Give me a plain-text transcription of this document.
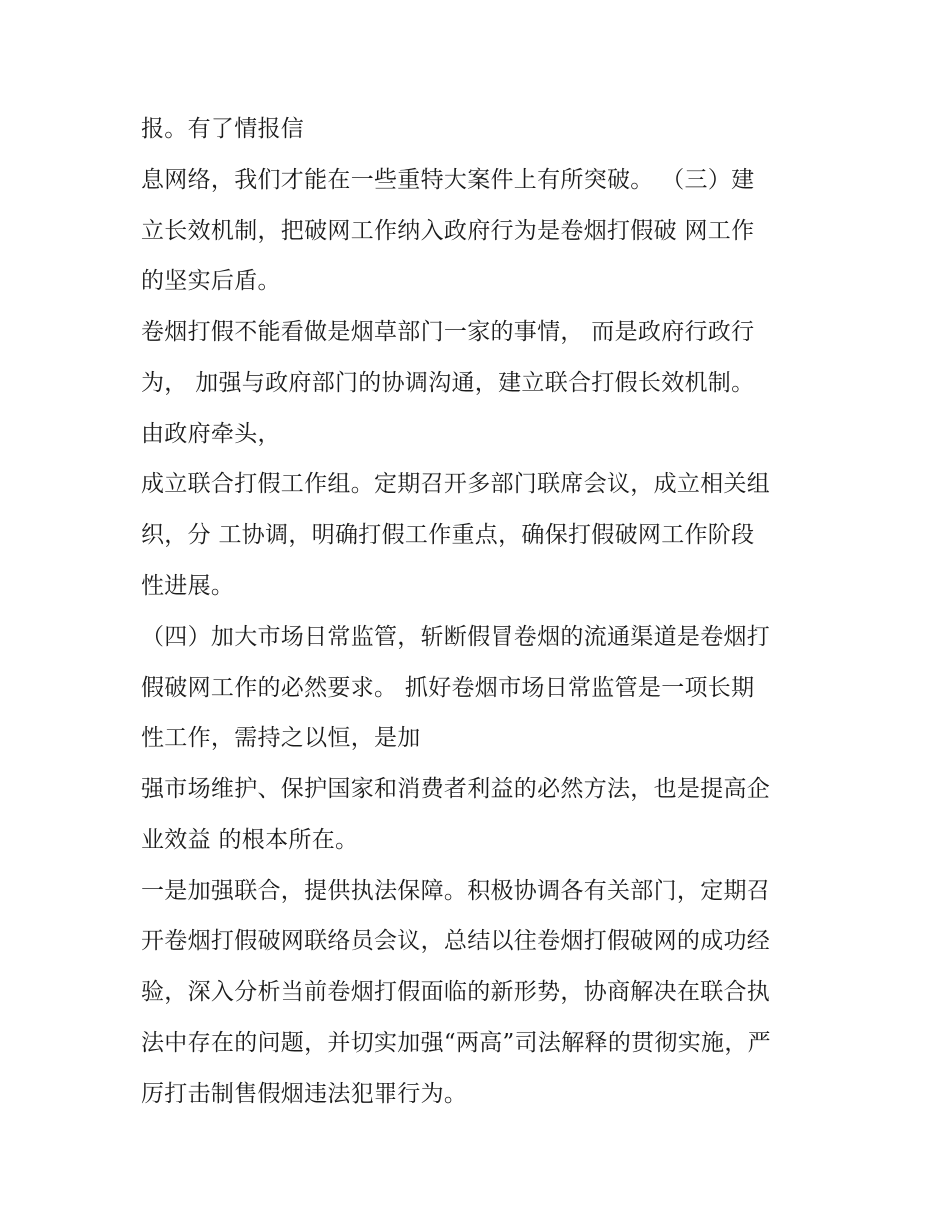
报。有了情报信
息网络，我们才能在一些重特大案件上有所突破。 （三）建
立长效机制，把破网工作纳入政府行为是卷烟打假破 网工作
的坚实后盾。
卷烟打假不能看做是烟草部门一家的事情， 而是政府行政行
为， 加强与政府部门的协调沟通，建立联合打假长效机制。
由政府牵头，
成立联合打假工作组。定期召开多部门联席会议，成立相关组
织，分 工协调，明确打假工作重点，确保打假破网工作阶段
性进展。
（四）加大市场日常监管，斩断假冒卷烟的流通渠道是卷烟打
假破网工作的必然要求。 抓好卷烟市场日常监管是一项长期
性工作，需持之以恒，是加
强市场维护、保护国家和消费者利益的必然方法，也是提高企
业效益 的根本所在。
一是加强联合，提供执法保障。积极协调各有关部门，定期召
开卷烟打假破网联络员会议，总结以往卷烟打假破网的成功经
验，深入分析当前卷烟打假面临的新形势，协商解决在联合执
法中存在的问题，并切实加强“两高”司法解释的贯彻实施，严
厉打击制售假烟违法犯罪行为。
